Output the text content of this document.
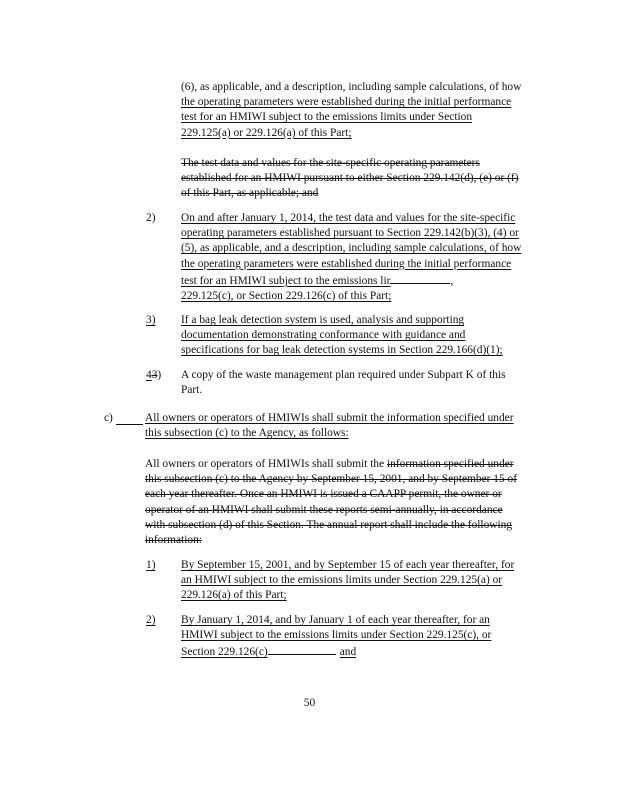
(6), as applicable, and a description, including sample calculations, of how
the operating parameters were established during the initial performance
test for an HMIWI subject to the emissions limits under Section
229.125(a) or 229.126(a) of this Part;
The test data and values for the site-specific operating parameters
established for an HMIWI pursuant to either Section 229.142(d), (e) or (f)
of this Part, as applicable; and
2) On and after January 1, 2014, the test data and values for the site-specific
operating parameters established pursuant to Section 229.142(b)(3), (4) or
(5), as applicable, and a description, including sample calculations, of how
the operating parameters were established during the initial performance
test for an HMIWI subject to the emissions lir	,
229.125(c), or Section 229.126(c) of this Part;
3) If a bag leak detection system is used, analysis and supporting
documentation demonstrating conformance with guidance and
specifications for bag leak detection systems in Section 229.166(d)(1);
43) A copy of the waste management plan required under Subpart K of this
Part.
c)	All owners or operators of HMIWIs shall submit the information specified under
this subsection (c) to the Agency, as follows:
All owners or operators of HMIWIs shall submit the information specified under
this subsection (c) to the Agency by September 15, 2001, and by September 15 of
each year thereafter. Once an HMIWI is issued a CAAPP permit, the owner or
operator of an HMIWI shall submit these reports semi-annually, in accordance
with subsection (d) of this Section. The annual report shall include the following
information:
1) By September 15, 2001, and by September 15 of each year thereafter, for
an HMIWI subject to the emissions limits under Section 229.125(a) or
229.126(a) of this Part;
2) By January 1, 2014, and by January 1 of each year thereafter, for an
HMIWI subject to the emissions limits under Section 229.125(c), or
Section 229.126(c)	and
50
